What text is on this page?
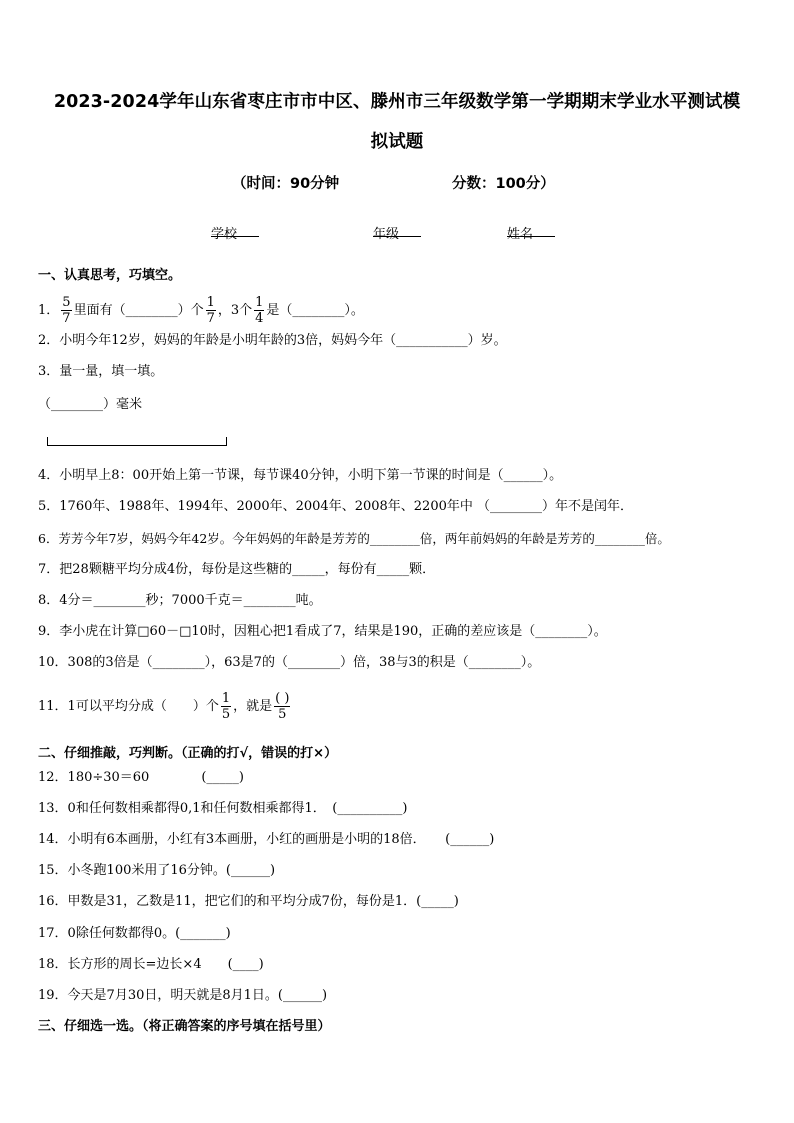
2023-2024学年山东省枣庄市市中区、滕州市三年级数学第一学期期末学业水平测试模
拟试题
（时间：90分钟	分数：100分）
学校	年级	姓名
一、认真思考，巧填空。
1． $\frac{5}{7}$ 里面有（________）个 $\frac{1}{7}$ ，3个 $\frac{1}{4}$ 是（________）。
2．小明今年12岁，妈妈的年龄是小明年龄的3倍，妈妈今年（___________）岁。
3．量一量，填一填。
（________）毫米
4．小明早上8：00开始上第一节课，每节课40分钟，小明下第一节课的时间是（______）。
5．1760年、1988年、1994年、2000年、2004年、2008年、2200年中 （________）年不是闰年．
6．芳芳今年7岁，妈妈今年42岁。今年妈妈的年龄是芳芳的________倍，两年前妈妈的年龄是芳芳的________倍。
7．把28颗糖平均分成4份，每份是这些糖的_____，每份有_____颗．
8．4分＝________秒；7000千克＝________吨。
9．李小虎在计算□60－□10时，因粗心把1看成了7，结果是190，正确的差应该是（________）。
10．308的3倍是（________），63是7的（________）倍，38与3的积是（________）。
11．1可以平均分成（　　）个 $\frac{1}{5}$ ，就是 $\frac{( )}{5}$
二、仔细推敲，巧判断。（正确的打√，错误的打×）
12．180÷30＝60　　　　(_____)
13．0和任何数相乘都得0,1和任何数相乘都得1．　(__________)
14．小明有6本画册，小红有3本画册，小红的画册是小明的18倍．　　(______)
15．小冬跑100米用了16分钟。(______)
16．甲数是31，乙数是11，把它们的和平均分成7份，每份是1．(_____)
17．0除任何数都得0。(_______)
18．长方形的周长=边长×4　　(____)
19．今天是7月30日，明天就是8月1日。(______)
三、仔细选一选。（将正确答案的序号填在括号里）
